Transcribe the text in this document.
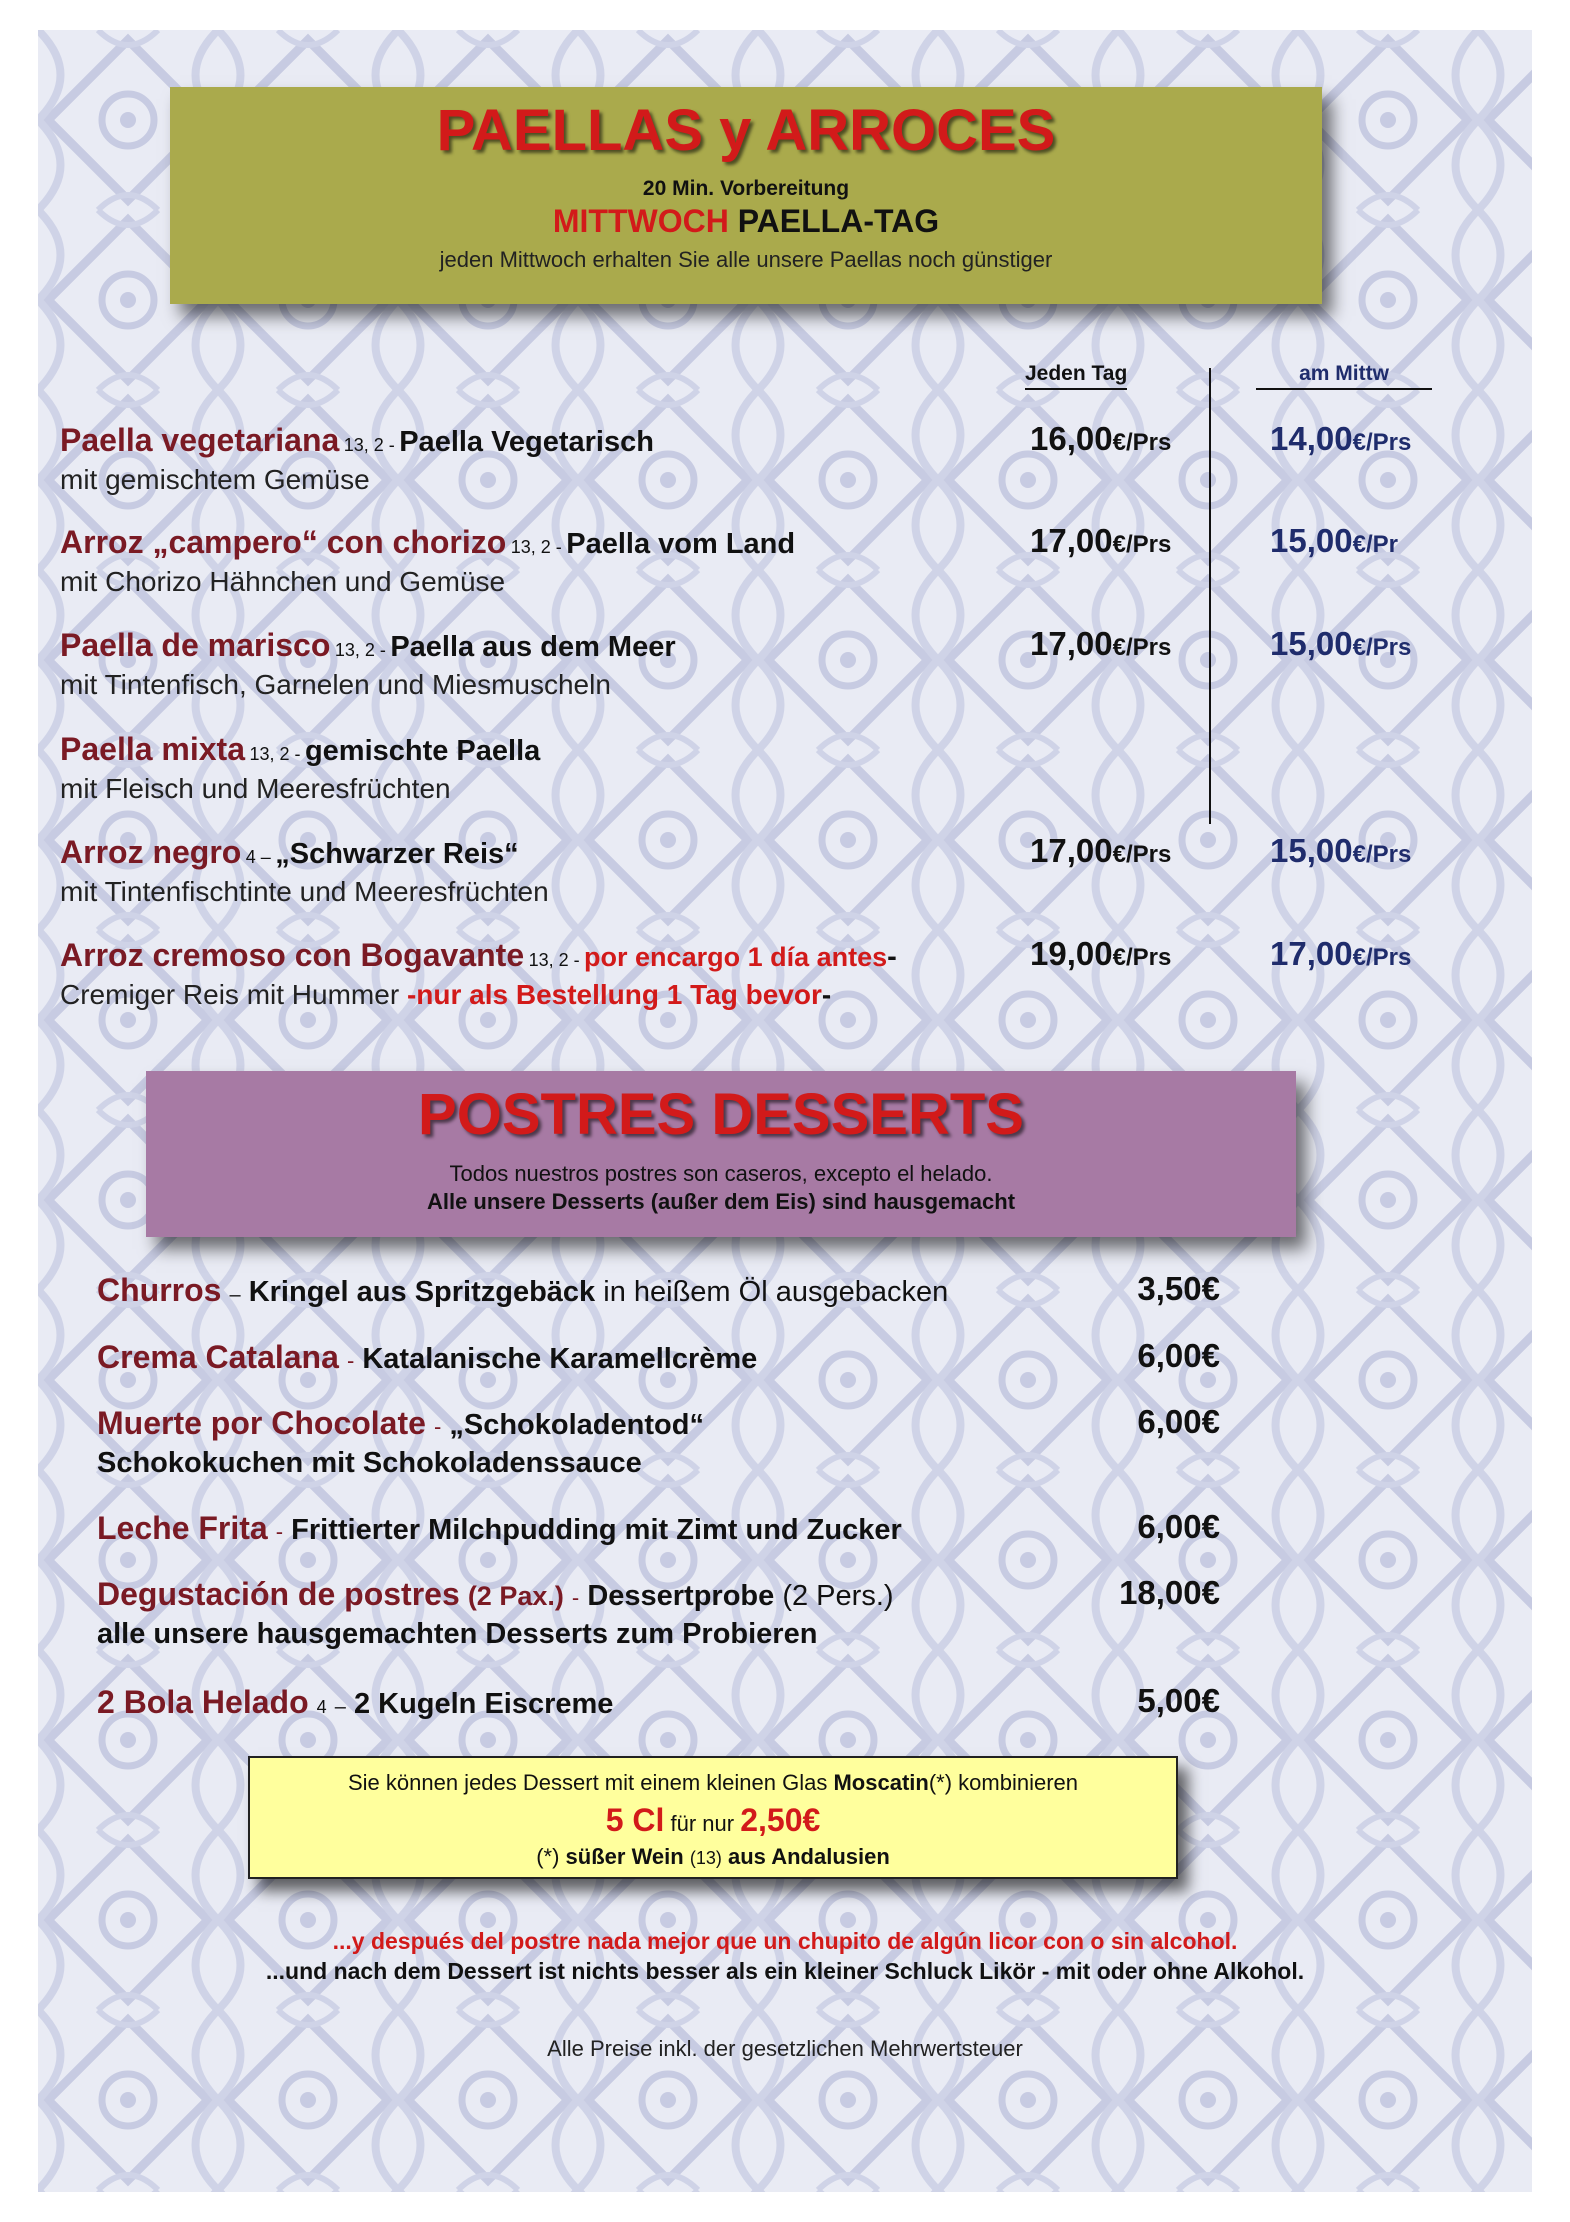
PAELLAS y ARROCES
20 Min. Vorbereitung
MITTWOCH PAELLA-TAG
jeden Mittwoch erhalten Sie alle unsere Paellas noch günstiger
Jeden Tag	am Mittw
Paella vegetariana 13, 2 - Paella Vegetarisch
mit gemischtem Gemüse
16,00€/Prs	14,00€/Prs
Arroz „campero“ con chorizo 13, 2 - Paella vom Land
mit Chorizo Hähnchen und Gemüse
17,00€/Prs	15,00€/Pr
Paella de marisco 13, 2 - Paella aus dem Meer
mit Tintenfisch, Garnelen und Miesmuscheln
17,00€/Prs	15,00€/Prs
Paella mixta 13, 2 - gemischte Paella
mit Fleisch und Meeresfrüchten
Arroz negro 4 – „Schwarzer Reis“
mit Tintenfischtinte und Meeresfrüchten
17,00€/Prs	15,00€/Prs
Arroz cremoso con Bogavante 13, 2 - por encargo 1 día antes-
Cremiger Reis mit Hummer -nur als Bestellung 1 Tag bevor-
19,00€/Prs	17,00€/Prs
POSTRES DESSERTS
Todos nuestros postres son caseros, excepto el helado.
Alle unsere Desserts (außer dem Eis) sind hausgemacht
Churros – Kringel aus Spritzgebäck in heißem Öl ausgebacken	3,50€
Crema Catalana - Katalanische Karamellcrème	6,00€
Muerte por Chocolate - „Schokoladentod“
Schokokuchen mit Schokoladenssauce
6,00€
Leche Frita - Frittierter Milchpudding mit Zimt und Zucker	6,00€
Degustación de postres (2 Pax.) - Dessertprobe (2 Pers.)
alle unsere hausgemachten Desserts zum Probieren
18,00€
2 Bola Helado 4 – 2 Kugeln Eiscreme	5,00€
Sie können jedes Dessert mit einem kleinen Glas Moscatin(*) kombinieren
5 Cl für nur 2,50€
(*) süßer Wein (13) aus Andalusien
...y después del postre nada mejor que un chupito de algún licor con o sin alcohol.
...und nach dem Dessert ist nichts besser als ein kleiner Schluck Likör - mit oder ohne Alkohol.
Alle Preise inkl. der gesetzlichen Mehrwertsteuer
